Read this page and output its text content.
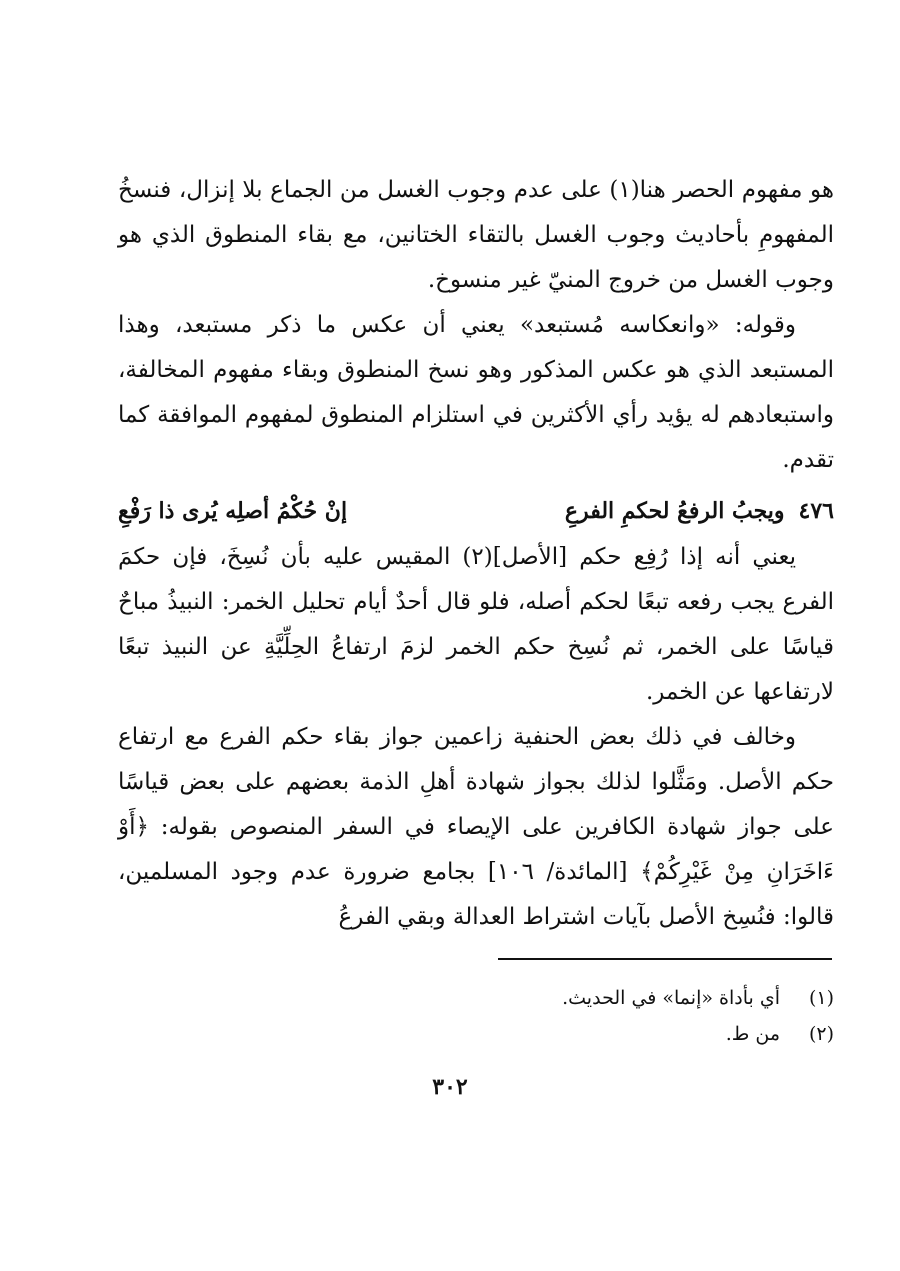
هو مفهوم الحصر هنا(١) على عدم وجوب الغسل من الجماع بلا إنزال، فنسخُ المفهومِ بأحاديث وجوب الغسل بالتقاء الختانين، مع بقاء المنطوق الذي هو وجوب الغسل من خروج المنيّ غير منسوخ.

وقوله: «وانعكاسه مُستبعد» يعني أن عكس ما ذكر مستبعد، وهذا المستبعد الذي هو عكس المذكور وهو نسخ المنطوق وبقاء مفهوم المخالفة، واستبعادهم له يؤيد رأي الأكثرين في استلزام المنطوق لمفهوم الموافقة كما تقدم.

٤٧٦ويجبُ الرفعُ لحكمِ الفرعِ
إنْ حُكْمُ أصلِه يُرى ذا رَفْعِ

يعني أنه إذا رُفِع حكم [الأصل](٢) المقيس عليه بأن نُسِخَ، فإن حكمَ الفرع يجب رفعه تبعًا لحكم أصله، فلو قال أحدٌ أيام تحليل الخمر: النبيذُ مباحٌ قياسًا على الخمر، ثم نُسِخ حكم الخمر لزمَ ارتفاعُ الحِلِّيَّةِ عن النبيذ تبعًا لارتفاعها عن الخمر.

وخالف في ذلك بعض الحنفية زاعمين جواز بقاء حكم الفرع مع ارتفاع حكم الأصل. ومَثَّلوا لذلك بجواز شهادة أهلِ الذمة بعضهم على بعض قياسًا على جواز شهادة الكافرين على الإيصاء في السفر المنصوص بقوله: ﴿أَوْ ءَاخَرَانِ مِنْ غَيْرِكُمْ﴾ [المائدة/ ١٠٦] بجامع ضرورة عدم وجود المسلمين، قالوا: فنُسِخ الأصل بآيات اشتراط العدالة وبقي الفرعُ

(١)
أي بأداة «إنما» في الحديث.
(٢)
من ط.
٣٠٢
